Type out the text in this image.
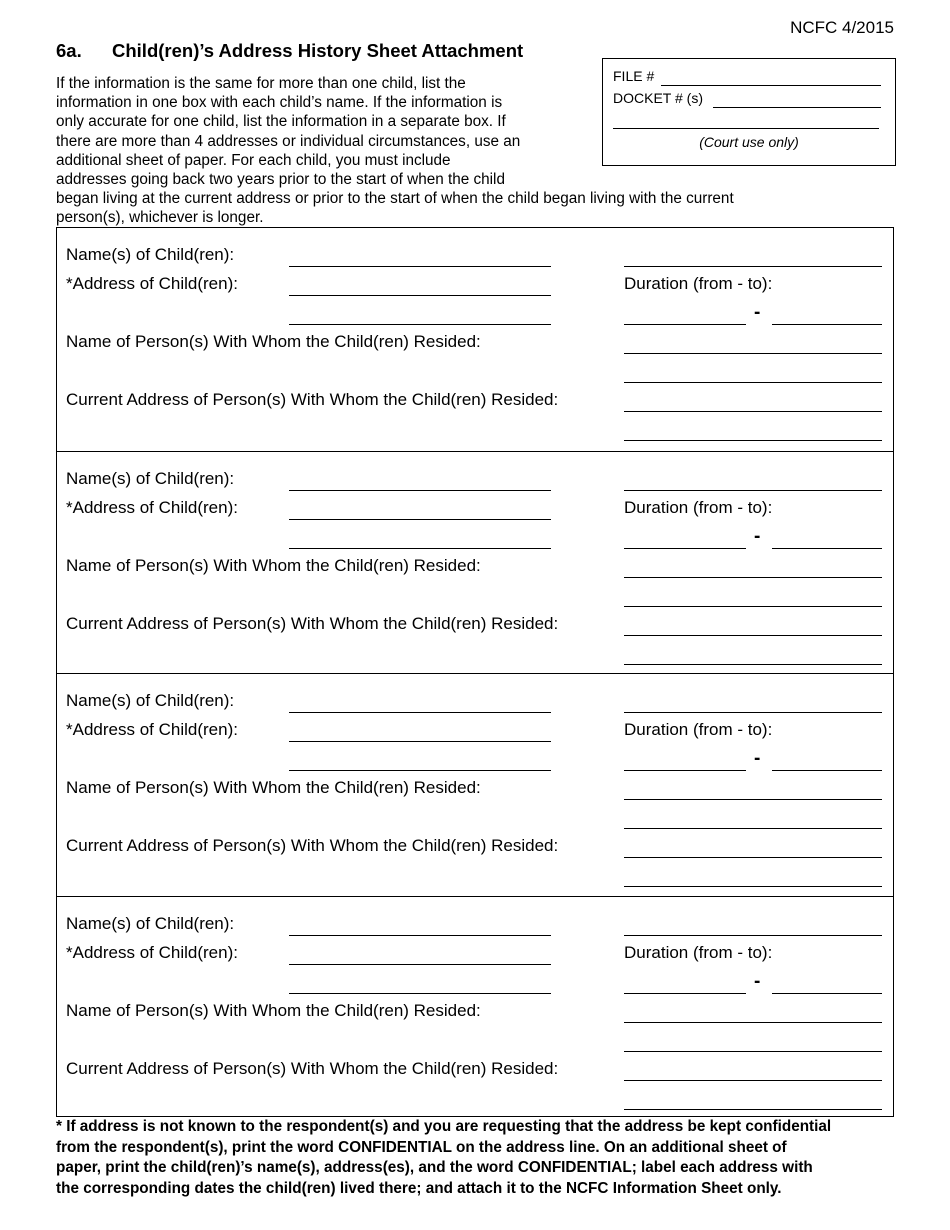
NCFC 4/2015
6a. Child(ren)’s Address History Sheet Attachment
If the information is the same for more than one child, list the
information in one box with each child’s name. If the information is
only accurate for one child, list the information in a separate box. If
there are more than 4 addresses or individual circumstances, use an
additional sheet of paper. For each child, you must include
addresses going back two years prior to the start of when the child
began living at the current address or prior to the start of when the child began living with the current
person(s), whichever is longer.
FILE #
DOCKET # (s)
(Court use only)
Name(s) of Child(ren):
*Address of Child(ren):	Duration (from - to):
-
Name of Person(s) With Whom the Child(ren) Resided:
Current Address of Person(s) With Whom the Child(ren) Resided:
Name(s) of Child(ren):
*Address of Child(ren):	Duration (from - to):
-
Name of Person(s) With Whom the Child(ren) Resided:
Current Address of Person(s) With Whom the Child(ren) Resided:
Name(s) of Child(ren):
*Address of Child(ren):	Duration (from - to):
-
Name of Person(s) With Whom the Child(ren) Resided:
Current Address of Person(s) With Whom the Child(ren) Resided:
Name(s) of Child(ren):
*Address of Child(ren):	Duration (from - to):
-
Name of Person(s) With Whom the Child(ren) Resided:
Current Address of Person(s) With Whom the Child(ren) Resided:
* If address is not known to the respondent(s) and you are requesting that the address be kept confidential
from the respondent(s), print the word CONFIDENTIAL on the address line. On an additional sheet of
paper, print the child(ren)’s name(s), address(es), and the word CONFIDENTIAL; label each address with
the corresponding dates the child(ren) lived there; and attach it to the NCFC Information Sheet only.
